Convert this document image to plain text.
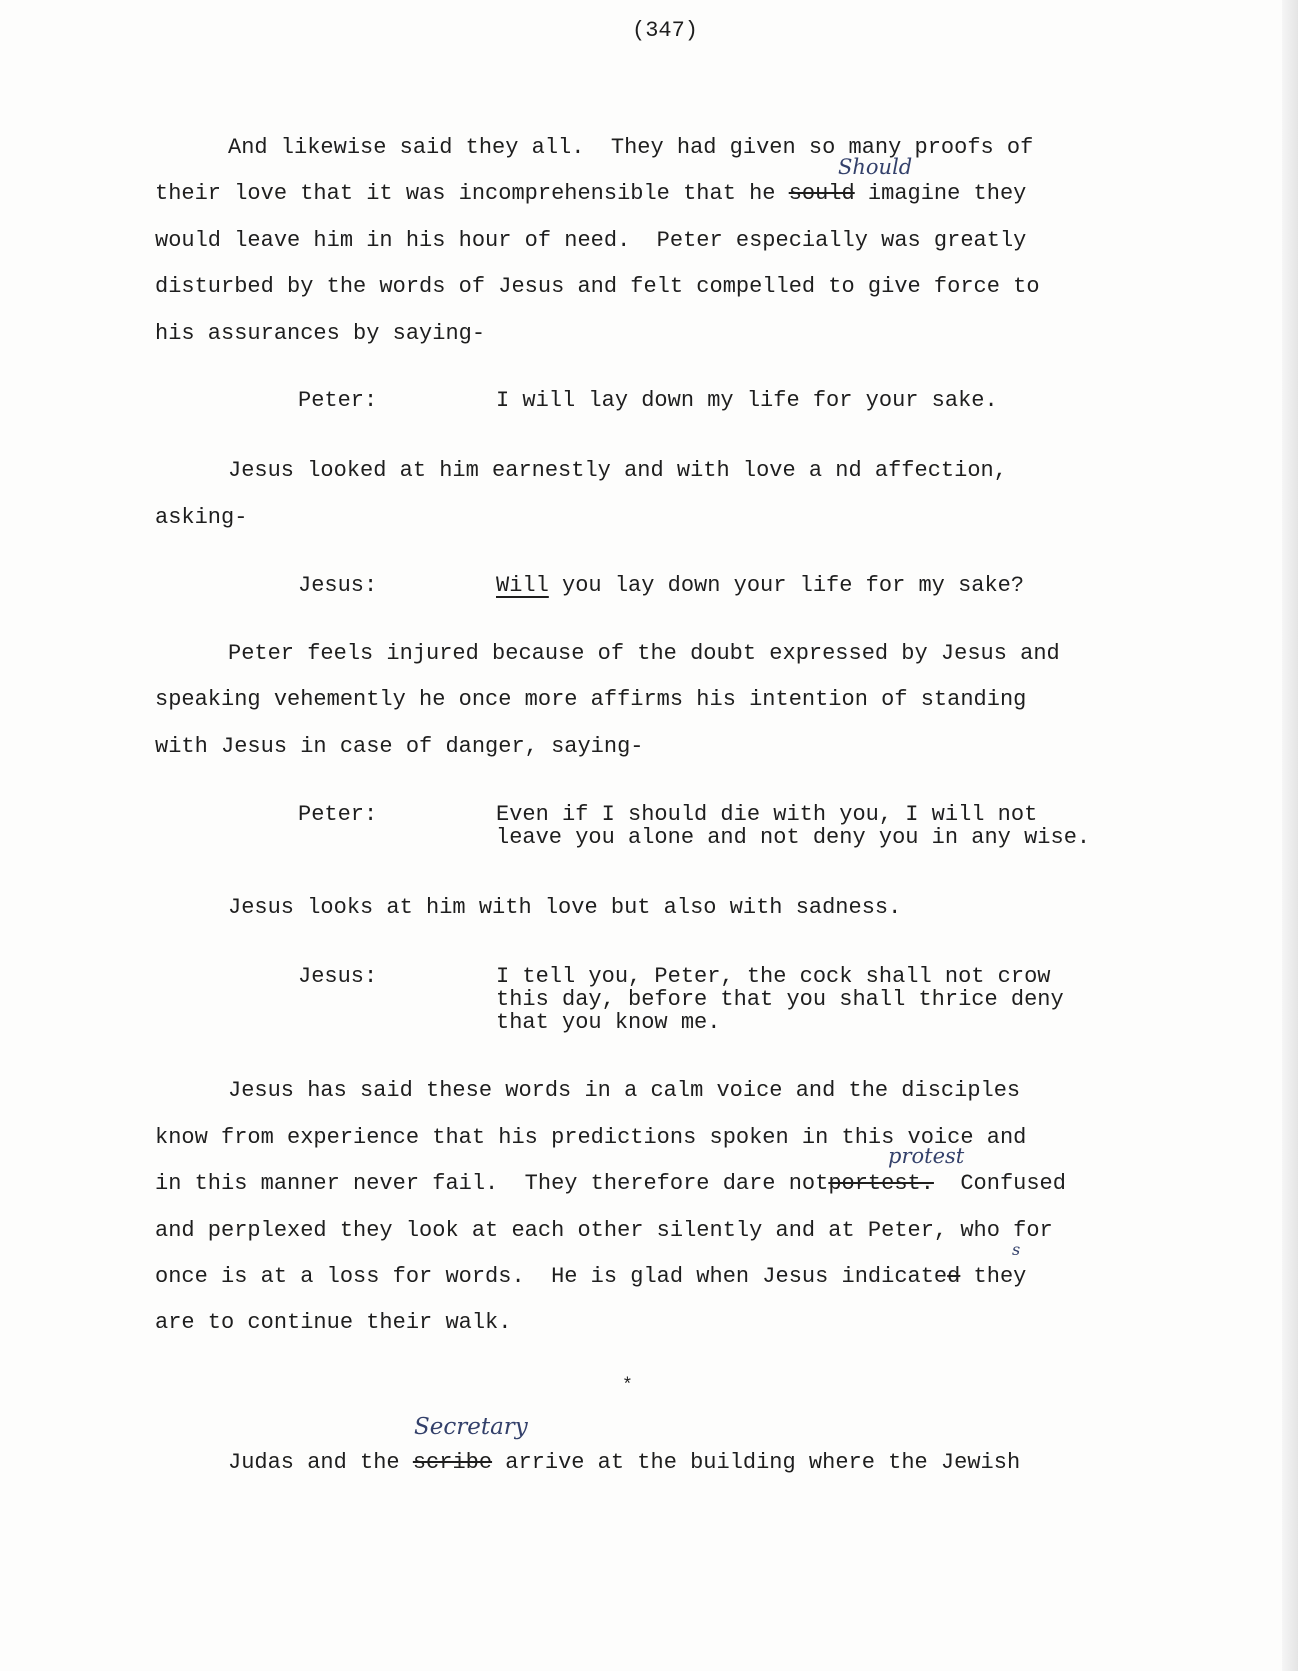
(347)
And likewise said they all.  They had given so many proofs of
Should
their love that it was incomprehensible that he sould imagine they
would leave him in his hour of need.  Peter especially was greatly
disturbed by the words of Jesus and felt compelled to give force to
his assurances by saying-
Peter:	I will lay down my life for your sake.
Jesus looked at him earnestly and with love a nd affection,
asking-
Jesus:	Will you lay down your life for my sake?
Peter feels injured because of the doubt expressed by Jesus and
speaking vehemently he once more affirms his intention of standing
with Jesus in case of danger, saying-
Peter:	Even if I should die with you, I will not
leave you alone and not deny you in any wise.
Jesus looks at him with love but also with sadness.
Jesus:	I tell you, Peter, the cock shall not crow
this day, before that you shall thrice deny
that you know me.
Jesus has said these words in a calm voice and the disciples
know from experience that his predictions spoken in this voice and
protest
in this manner never fail.  They therefore dare notportest.  Confused
and perplexed they look at each other silently and at Peter, who for
s
once is at a loss for words.  He is glad when Jesus indicated they
are to continue their walk.
*
Secretary
Judas and the scribe arrive at the building where the Jewish
